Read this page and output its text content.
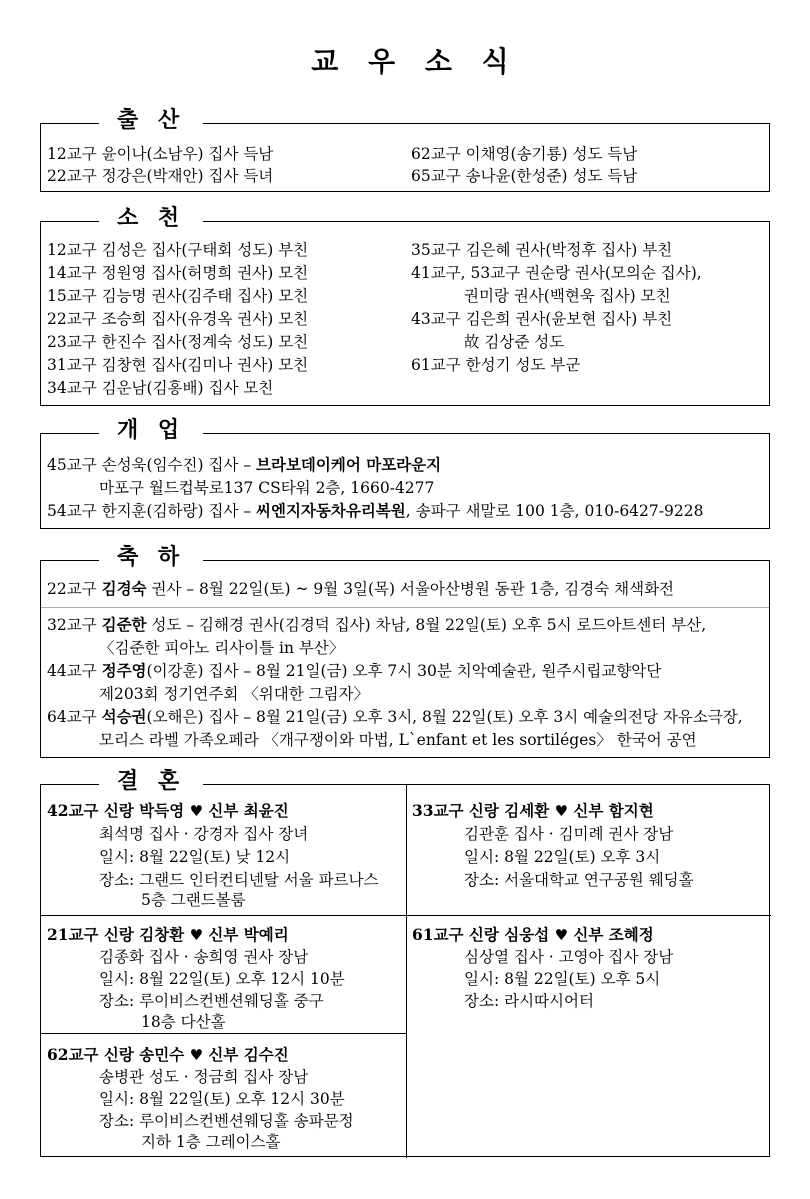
교 우 소 식
출 산
12교구 윤이나(소남우) 집사 득남
22교구 정강은(박재안) 집사 득녀
62교구 이채영(송기룡) 성도 득남
65교구 송나윤(한성준) 성도 득남
소 천
12교구 김성은 집사(구태회 성도) 부친
14교구 정원영 집사(허명희 권사) 모친
15교구 김능명 권사(김주태 집사) 모친
22교구 조승희 집사(유경옥 권사) 모친
23교구 한진수 집사(정계숙 성도) 모친
31교구 김창현 집사(김미나 권사) 모친
34교구 김운남(김홍배) 집사 모친
35교구 김은혜 권사(박정후 집사) 부친
41교구, 53교구 권순랑 권사(모의순 집사),
권미랑 권사(백현욱 집사) 모친
43교구 김은희 권사(윤보현 집사) 부친
故 김상준 성도
61교구 한성기 성도 부군
개 업
45교구 손성욱(임수진) 집사 – 브라보데이케어 마포라운지
마포구 월드컵북로137 CS타워 2층, 1660-4277
54교구 한지훈(김하랑) 집사 – 씨엔지자동차유리복원, 송파구 새말로 100 1층, 010-6427-9228
축 하
22교구 김경숙 권사 – 8월 22일(토) ~ 9월 3일(목) 서울아산병원 동관 1층, 김경숙 채색화전
32교구 김준한 성도 – 김해경 권사(김경덕 집사) 차남, 8월 22일(토) 오후 5시 로드아트센터 부산,
〈김준한 피아노 리사이틀 in 부산〉
44교구 정주영(이강훈) 집사 – 8월 21일(금) 오후 7시 30분 치악예술관, 원주시립교향악단
제203회 정기연주회 〈위대한 그림자〉
64교구 석승권(오해은) 집사 – 8월 21일(금) 오후 3시, 8월 22일(토) 오후 3시 예술의전당 자유소극장,
모리스 라벨 가족오페라 〈개구쟁이와 마법, L`enfant et les sortiléges〉 한국어 공연
결 혼
42교구 신랑 박득영 ♥ 신부 최윤진
최석명 집사 · 강경자 집사 장녀
일시: 8월 22일(토) 낮 12시
장소: 그랜드 인터컨티넨탈 서울 파르나스
5층 그랜드볼룸
33교구 신랑 김세환 ♥ 신부 함지현
김관훈 집사 · 김미례 권사 장남
일시: 8월 22일(토) 오후 3시
장소: 서울대학교 연구공원 웨딩홀
21교구 신랑 김창환 ♥ 신부 박예리
김종화 집사 · 송희영 권사 장남
일시: 8월 22일(토) 오후 12시 10분
장소: 루이비스컨벤션웨딩홀 중구
18층 다산홀
61교구 신랑 심웅섭 ♥ 신부 조혜정
심상열 집사 · 고영아 집사 장남
일시: 8월 22일(토) 오후 5시
장소: 라시따시어터
62교구 신랑 송민수 ♥ 신부 김수진
송병관 성도 · 정금희 집사 장남
일시: 8월 22일(토) 오후 12시 30분
장소: 루이비스컨벤션웨딩홀 송파문정
지하 1층 그레이스홀
